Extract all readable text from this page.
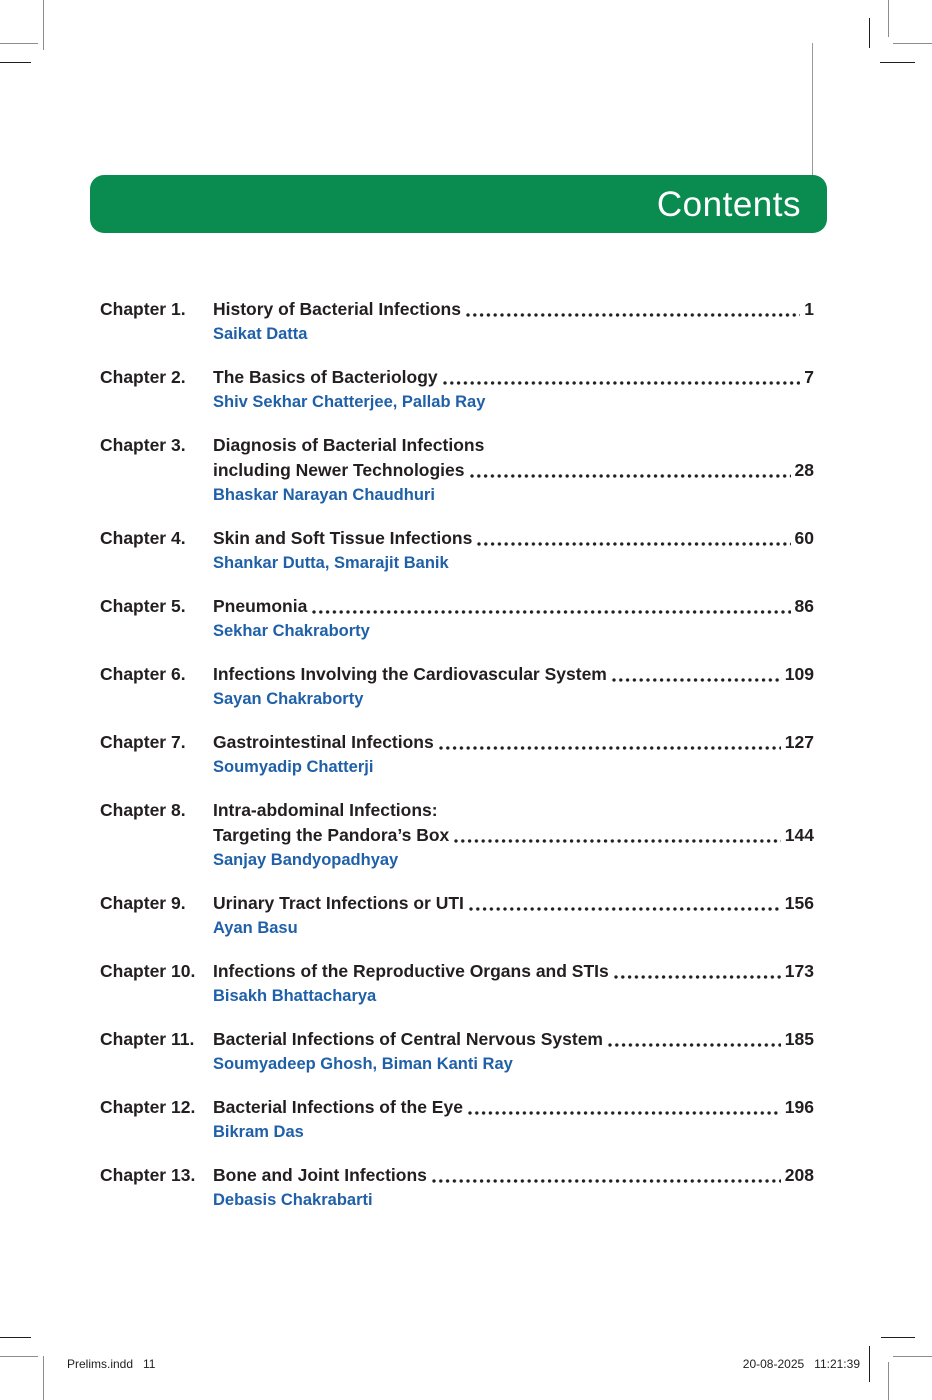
Contents
Chapter 1.	History of Bacterial Infections	1
Saikat Datta
Chapter 2.	The Basics of Bacteriology	7
Shiv Sekhar Chatterjee, Pallab Ray
Chapter 3.	Diagnosis of Bacterial Infections
including Newer Technologies	28
Bhaskar Narayan Chaudhuri
Chapter 4.	Skin and Soft Tissue Infections	60
Shankar Dutta, Smarajit Banik
Chapter 5.	Pneumonia	86
Sekhar Chakraborty
Chapter 6.	Infections Involving the Cardiovascular System	109
Sayan Chakraborty
Chapter 7.	Gastrointestinal Infections	127
Soumyadip Chatterji
Chapter 8.	Intra-abdominal Infections:
Targeting the Pandora’s Box	144
Sanjay Bandyopadhyay
Chapter 9.	Urinary Tract Infections or UTI	156
Ayan Basu
Chapter 10.	Infections of the Reproductive Organs and STIs	173
Bisakh Bhattacharya
Chapter 11.	Bacterial Infections of Central Nervous System	185
Soumyadeep Ghosh, Biman Kanti Ray
Chapter 12.	Bacterial Infections of the Eye	196
Bikram Das
Chapter 13.	Bone and Joint Infections	208
Debasis Chakrabarti
Prelims.indd   11	20-08-2025   11:21:39
